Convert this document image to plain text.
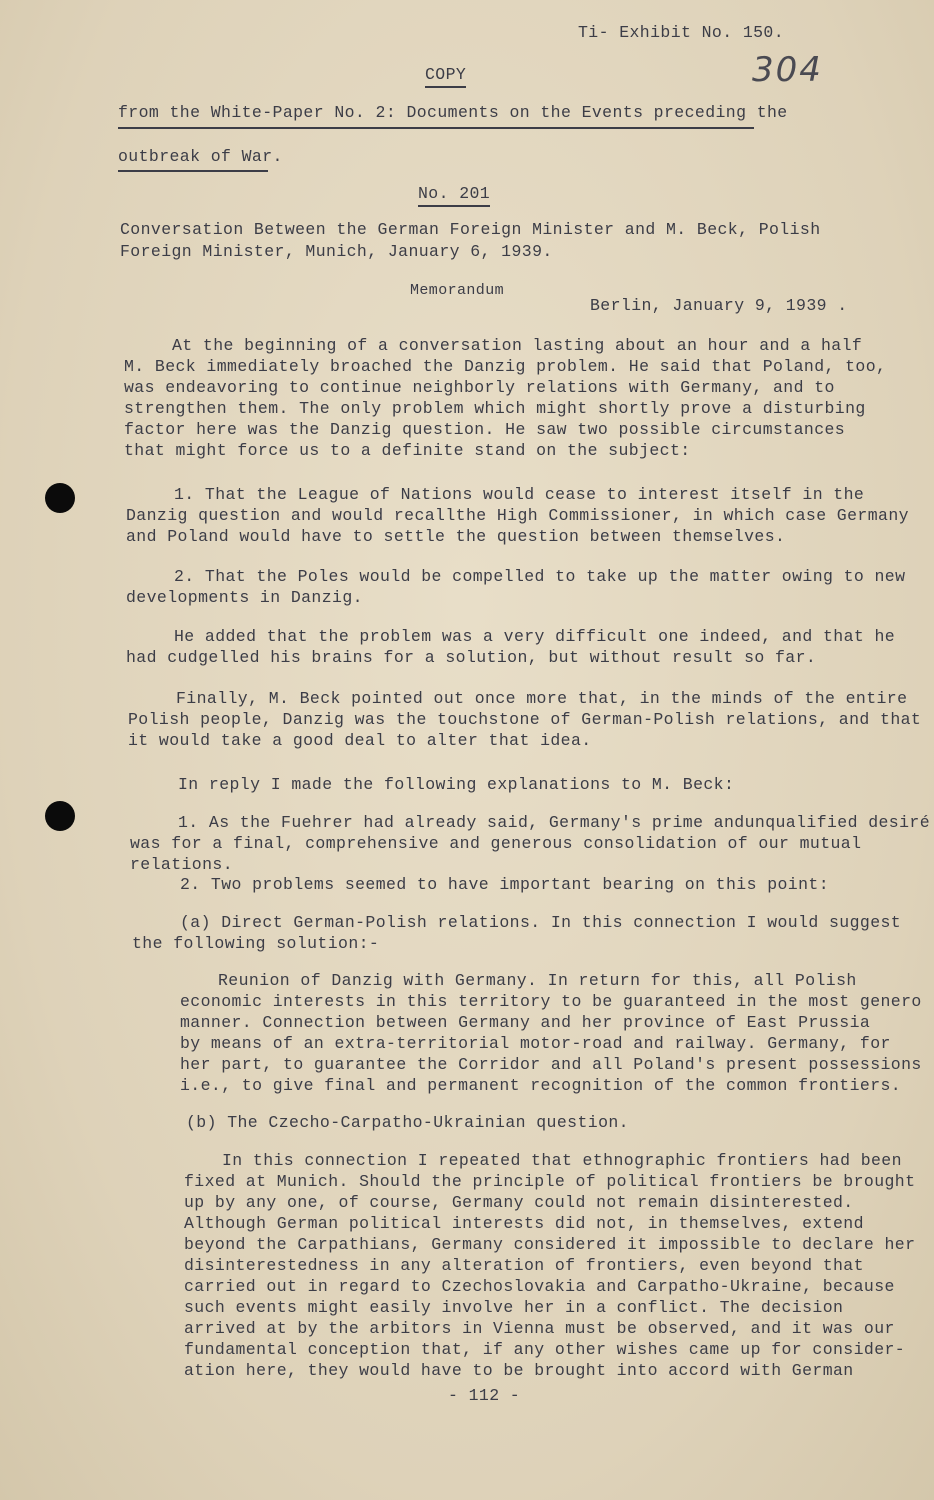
Ti- Exhibit No. 150.
304
COPY
from the White-Paper No. 2: Documents on the Events preceding the
outbreak of War.
No. 201
Conversation Between the German Foreign Minister and M. Beck, Polish
Foreign Minister, Munich, January 6, 1939.
Memorandum
Berlin, January 9, 1939 .
At the beginning of a conversation lasting about an hour and a half
M. Beck immediately broached the Danzig problem. He said that Poland, too,
was endeavoring to continue neighborly relations with Germany, and to
strengthen them. The only problem which might shortly prove a disturbing
factor here was the Danzig question. He saw two possible circumstances
that might force us to a definite stand on the subject:
1. That the League of Nations would cease to interest itself in the
Danzig question and would recallthe High Commissioner, in which case Germany
and Poland would have to settle the question between themselves.
2. That the Poles would be compelled to take up the matter owing to new
developments in Danzig.
He added that the problem was a very difficult one indeed, and that he
had cudgelled his brains for a solution, but without result so far.
Finally, M. Beck pointed out once more that, in the minds of the entire
Polish people, Danzig was the touchstone of German-Polish relations, and that
it would take a good deal to alter that idea.
In reply I made the following explanations to M. Beck:
1. As the Fuehrer had already said, Germany's prime andunqualified desiré
was for a final, comprehensive and generous consolidation of our mutual
relations.
2. Two problems seemed to have important bearing on this point:
(a) Direct German-Polish relations. In this connection I would suggest
the following solution:-
Reunion of Danzig with Germany. In return for this, all Polish
economic interests in this territory to be guaranteed in the most genero
manner. Connection between Germany and her province of East Prussia
by means of an extra-territorial motor-road and railway. Germany, for
her part, to guarantee the Corridor and all Poland's present possessions
i.e., to give final and permanent recognition of the common frontiers.
(b) The Czecho-Carpatho-Ukrainian question.
In this connection I repeated that ethnographic frontiers had been
fixed at Munich. Should the principle of political frontiers be brought
up by any one, of course, Germany could not remain disinterested.
Although German political interests did not, in themselves, extend
beyond the Carpathians, Germany considered it impossible to declare her
disinterestedness in any alteration of frontiers, even beyond that
carried out in regard to Czechoslovakia and Carpatho-Ukraine, because
such events might easily involve her in a conflict. The decision
arrived at by the arbitors in Vienna must be observed, and it was our
fundamental conception that, if any other wishes came up for consider-
ation here, they would have to be brought into accord with German
- 112 -
